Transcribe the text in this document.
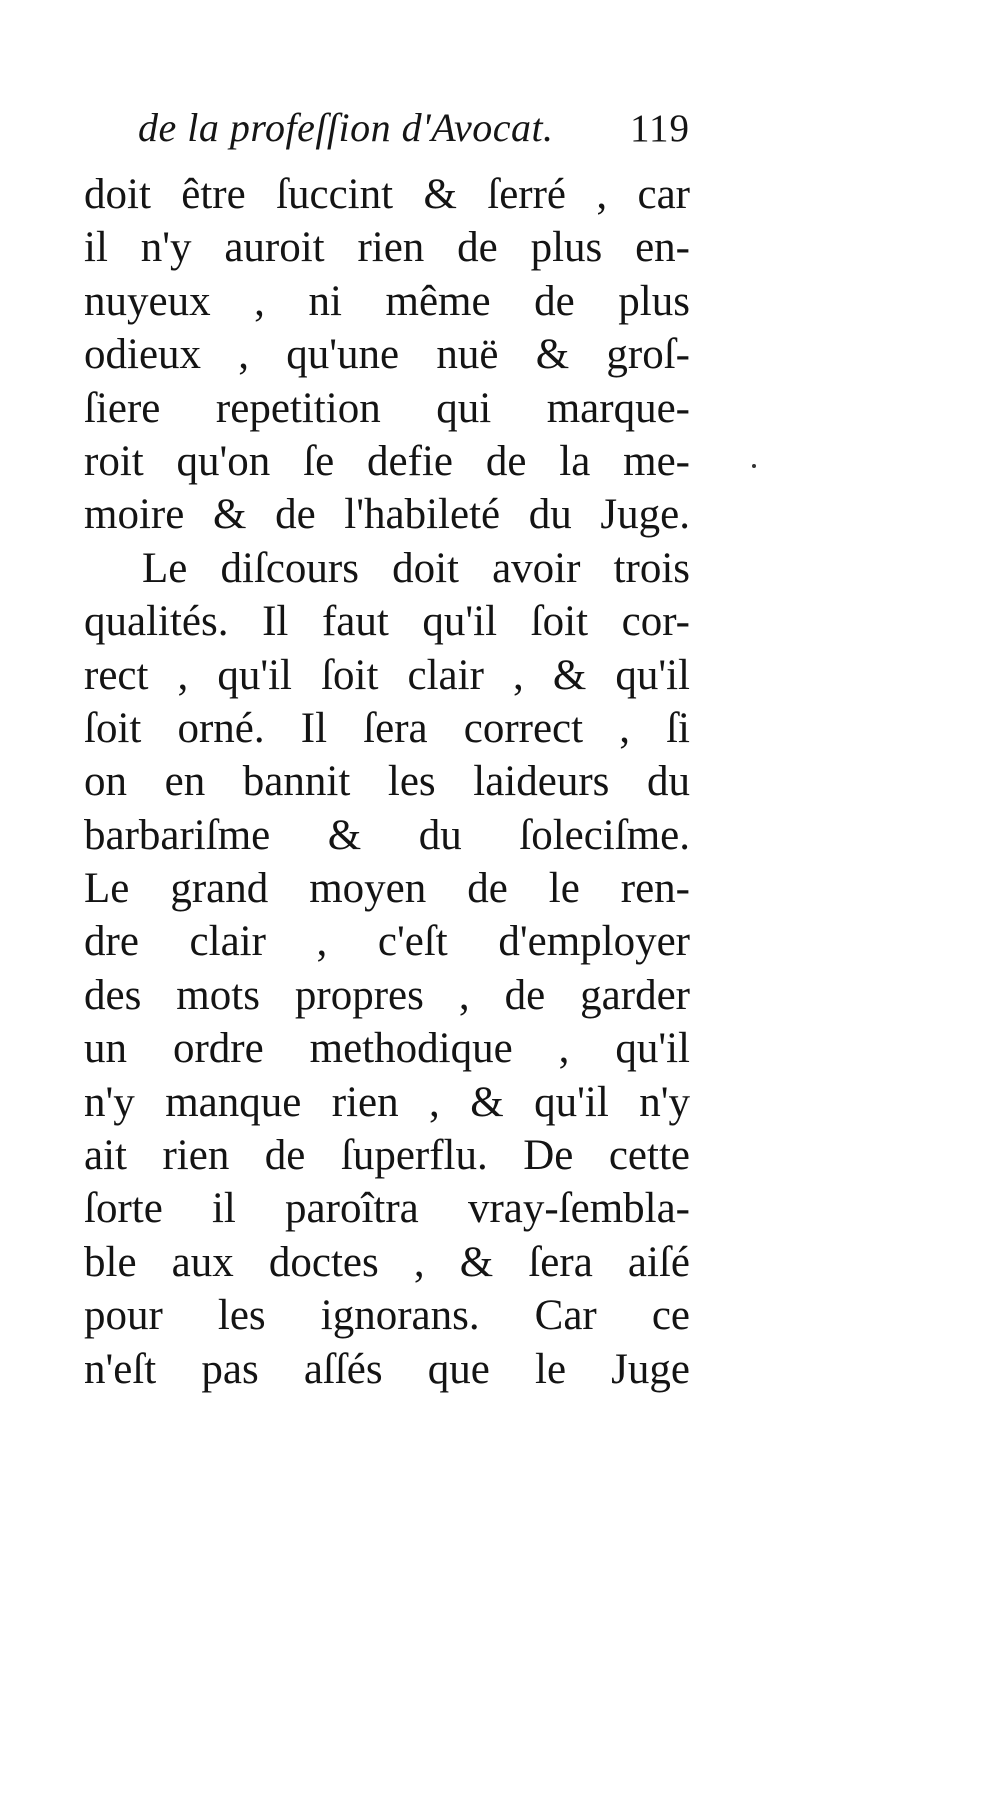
de la profeſſion d'Avocat. 119
doit être ſuccint & ſerré , car
il n'y auroit rien de plus en-
nuyeux , ni même de plus
odieux , qu'une nuë & groſ-
ſiere repetition qui marque-
roit qu'on ſe defie de la me-
moire & de l'habileté du Juge.
Le diſcours doit avoir trois
qualités. Il faut qu'il ſoit cor-
rect , qu'il ſoit clair , & qu'il
ſoit orné. Il ſera correct , ſi
on en bannit les laideurs du
barbariſme & du ſoleciſme.
Le grand moyen de le ren-
dre clair , c'eſt d'employer
des mots propres , de garder
un ordre methodique , qu'il
n'y manque rien , & qu'il n'y
ait rien de ſuperflu. De cette
ſorte il paroîtra vray-ſembla-
ble aux doctes , & ſera aiſé
pour les ignorans. Car ce
n'eſt pas aſſés que le Juge
